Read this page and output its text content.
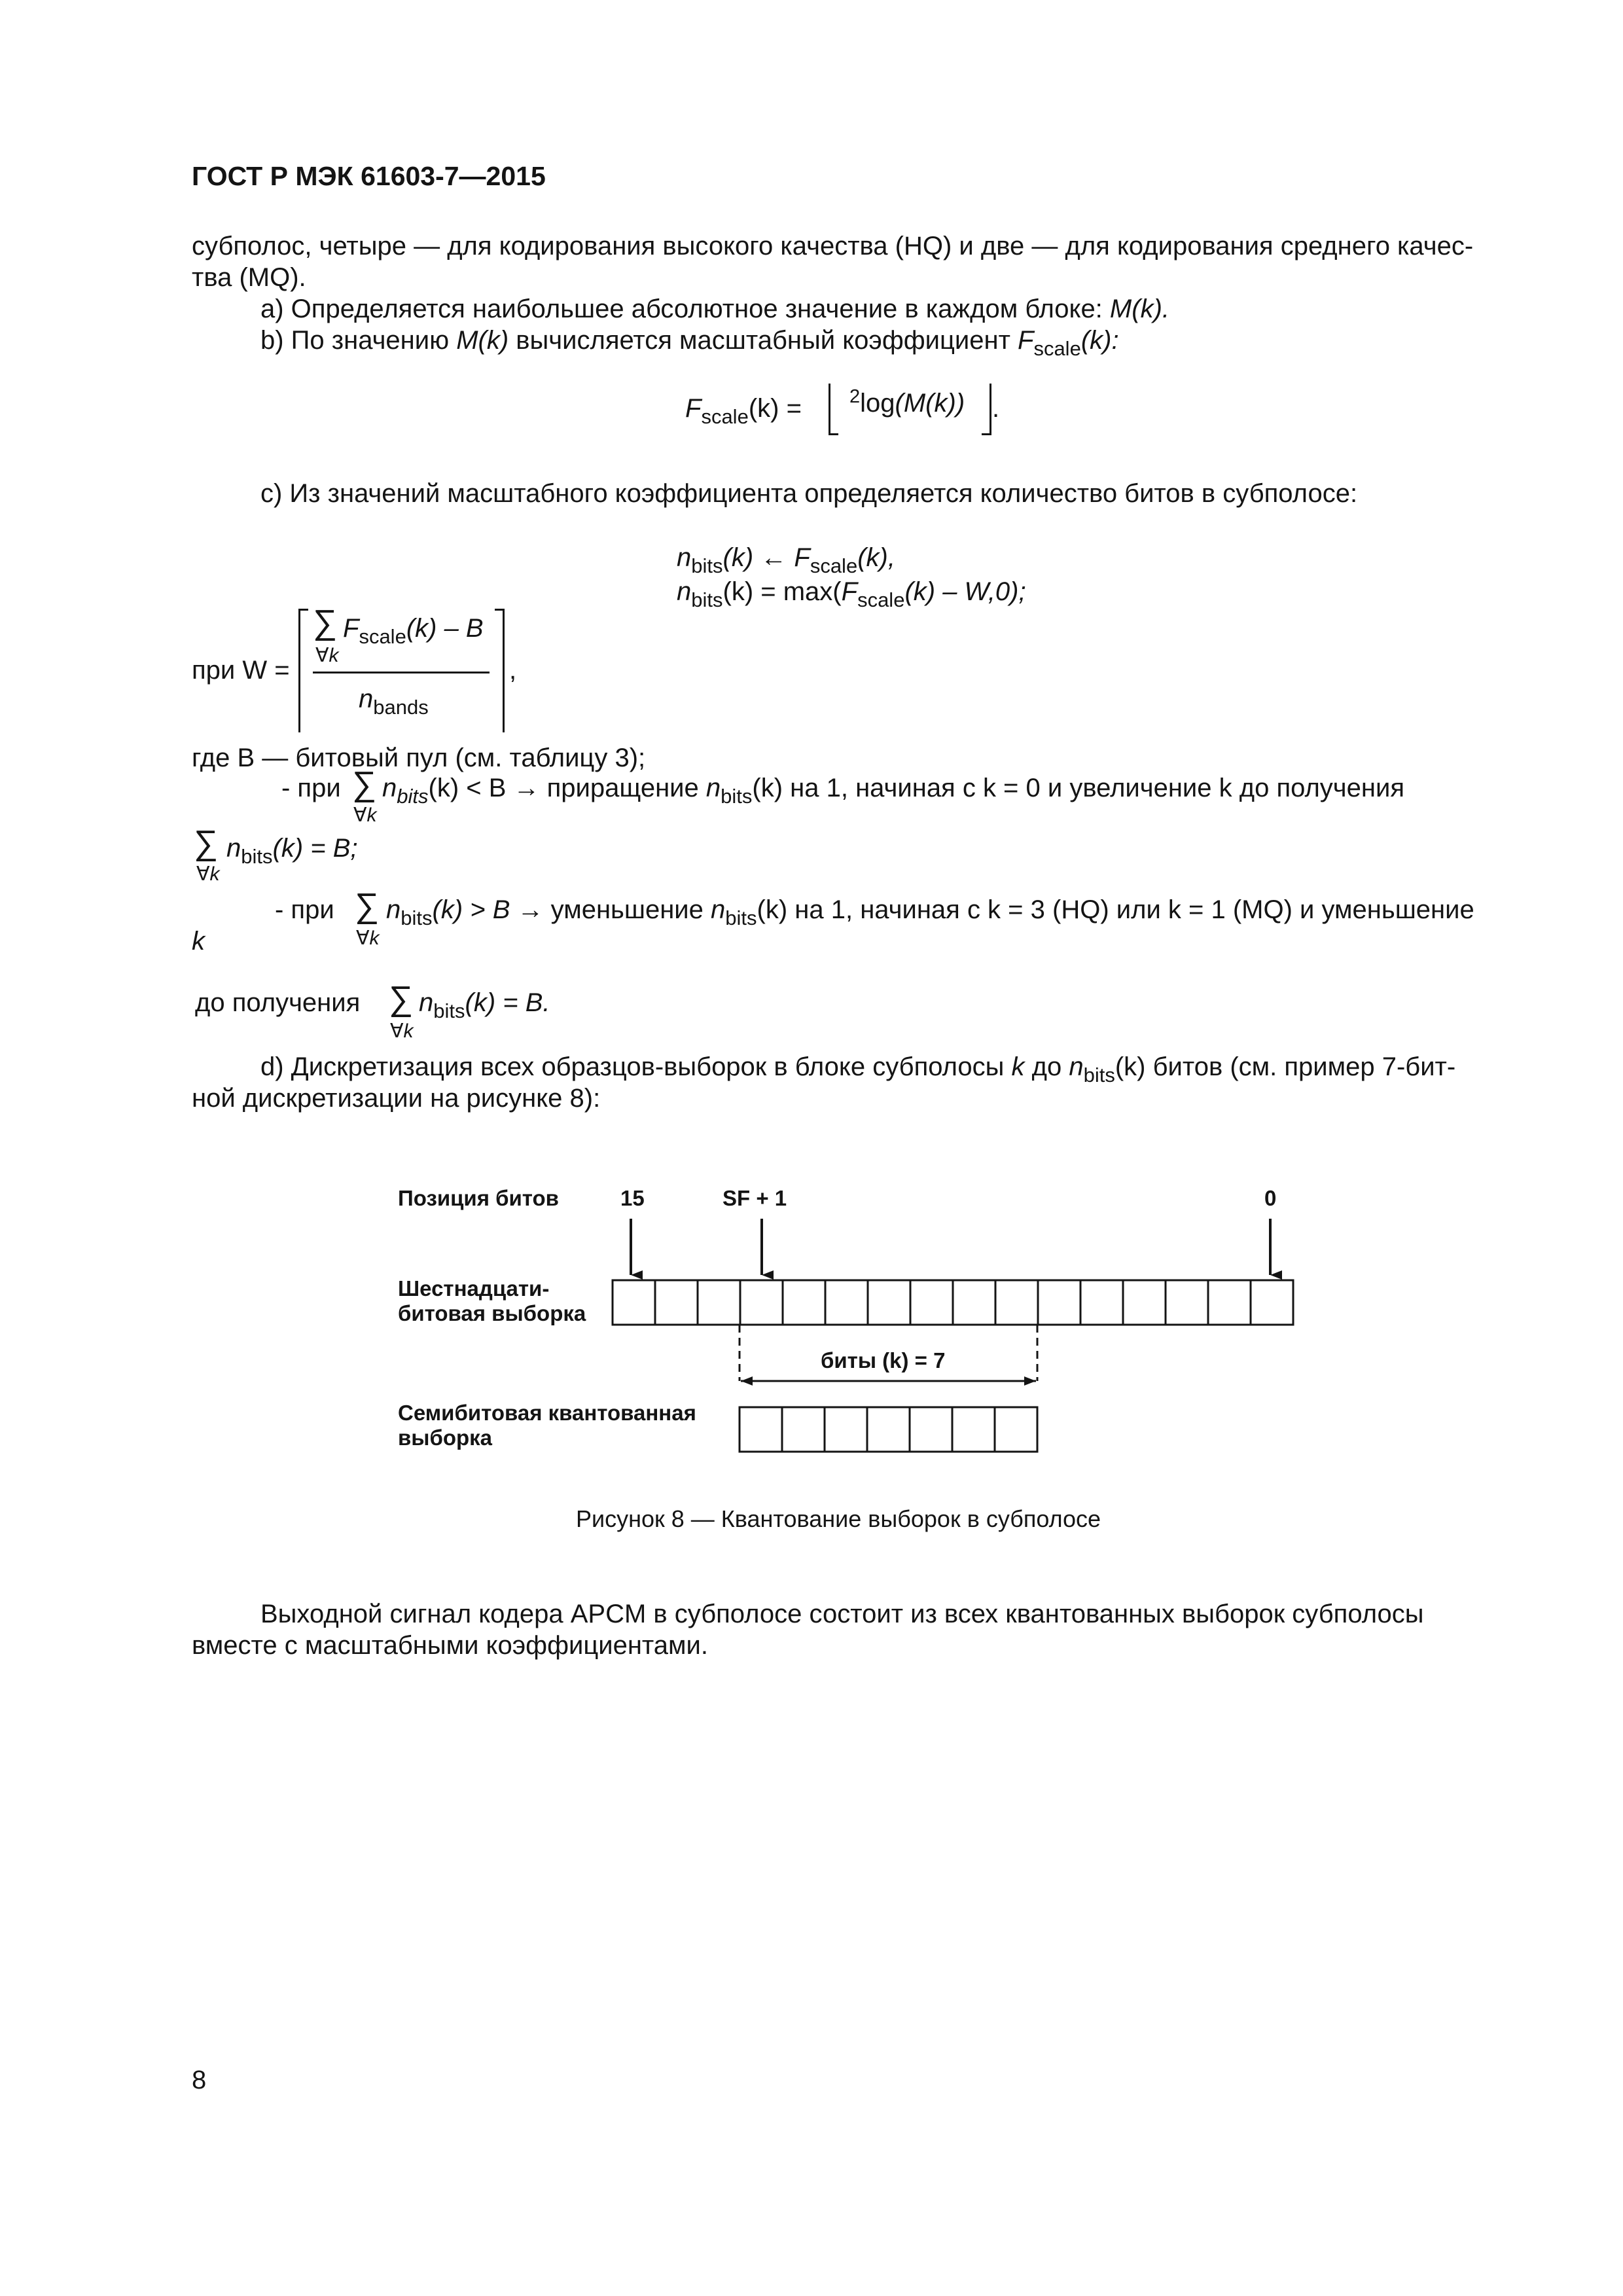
ГОСТ Р МЭК 61603-7—2015
субполос, четыре — для кодирования высокого качества (HQ) и две — для кодирования среднего качес-
тва (MQ).
a) Определяется наибольшее абсолютное значение в каждом блоке: M(k).
b) По значению M(k) вычисляется масштабный коэффициент $F_{scale}(k)$:
$F_{scale}(k)$ =	$^2$log(M(k)) .
c) Из значений масштабного коэффициента определяется количество битов в субполосе:
$n_{bits}(k)$ ← $F_{scale}(k)$,
$n_{bits}(k) = \max(F_{scale}(k) - W,0)$;
при W =
∑
∀k
$F_{scale}(k)$ – B
$n_{bands}$
,
где B — битовый пул (см. таблицу 3);
- при ∑
∀k
$n_{bits}(k) < B$ → приращение $n_{bits}(k)$ на 1, начиная с k = 0 и увеличение k до получения
∑
∀k
$n_{bits}(k) = B$;
- при ∑
∀k
$n_{bits}(k) > B$ → уменьшение $n_{bits}(k)$ на 1, начиная с k = 3 (HQ) или k = 1 (MQ) и уменьшение
k
до получения ∑
∀k
$n_{bits}(k) = B$.
d) Дискретизация всех образцов-выборок в блоке субполосы k до $n_{bits}(k)$ битов (см. пример 7-бит-
ной дискретизации на рисунке 8):
Позиция битов	15	SF + 1	0
Шестнадцати-
битовая выборка
биты (k) = 7
Семибитовая квантованная
выборка
Рисунок 8 — Квантование выборок в субполосе
Выходной сигнал кодера APCM в субполосе состоит из всех квантованных выборок субполосы
вместе с масштабными коэффициентами.
8
